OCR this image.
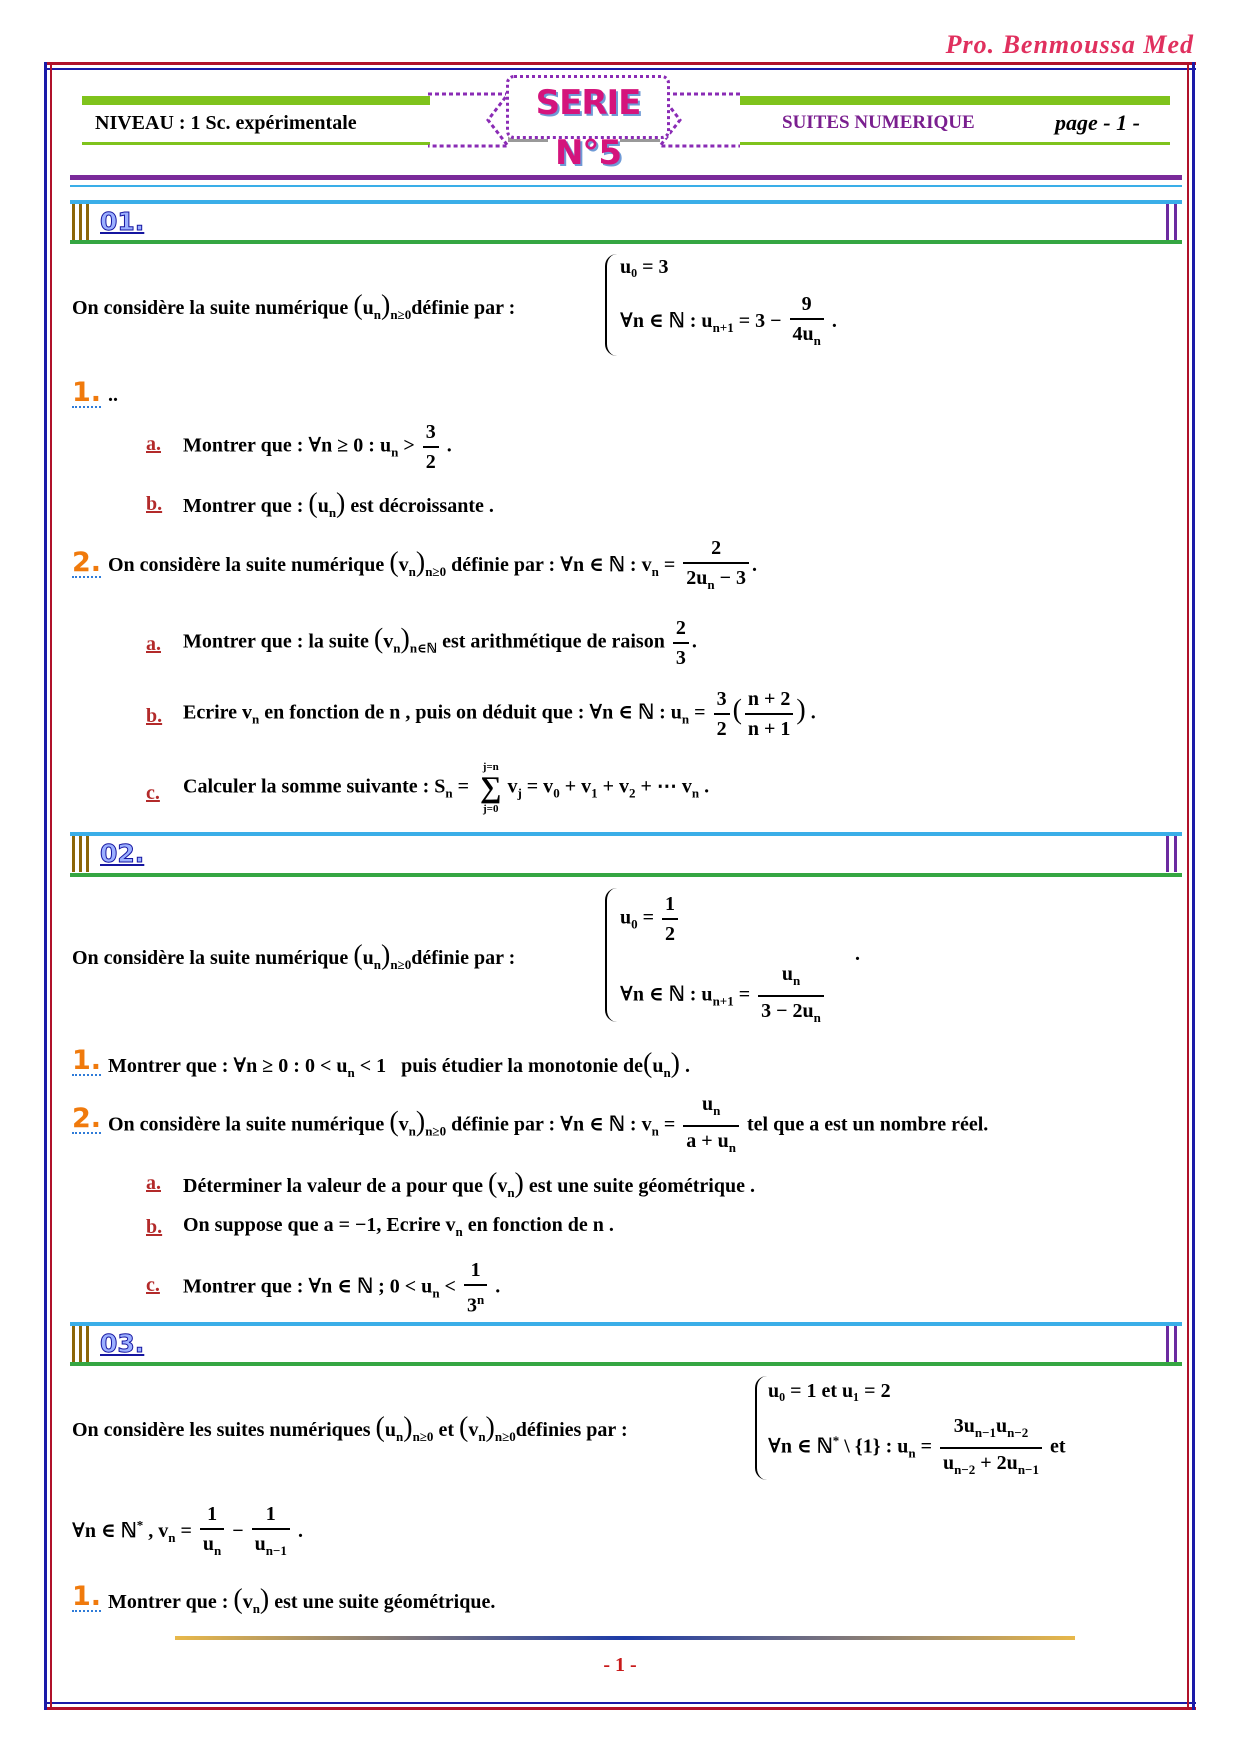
Pro. Benmoussa Med
SERIE N°5
NIVEAU : 1 Sc. expérimentale	SUITES NUMERIQUE	page - 1 -
01.
On considère la suite numérique $(u_n)_{n\ge 0}définie$ par :
u₀ = 3
∀n ∈ ℕ : $u_{n+1} = 3 - \frac{9}{4u_n}$ .
1. ..
a. Montrer que : ∀n ≥ 0 : $u_n > \frac{3}{2}$ .
b. Montrer que : $(u_n)$ est décroissante .
2. On considère la suite numérique $(v_n)_{n\ge 0}$ définie par : ∀n ∈ ℕ : $v_n = \frac{2}{2u_n - 3}$ .
a. Montrer que : la suite $(v_n)_{n\in ℕ}$ est arithmétique de raison $\frac{2}{3}$ .
b. Ecrire $v_n$ en fonction de n , puis on déduit que : ∀n ∈ ℕ : $u_n = \frac{3}{2}$ ( $\frac{n + 2}{n + 1}$ ) .
c. Calculer la somme suivante : $S_n$ =
j=n
∑
j=0
$v_j = v_0 + v_1 + v_2$ + ⋯ $v_n$ .
02.
On considère la suite numérique $(u_n)_{n\ge 0}définie$ par :
$u_0 = \frac{1}{2}$
∀n ∈ ℕ : $u_{n+1} = \frac{u_n}{3 - 2u_n}$
.
1. Montrer que : ∀n ≥ 0 : $0 < u_n < 1$   puis étudier la monotonie $de(u_n)$ .
2. On considère la suite numérique $(v_n)_{n\ge 0}$ définie par : ∀n ∈ ℕ : $v_n = \frac{u_n}{a + u_n}$ tel que a est un nombre réel.
a. Déterminer la valeur de a pour que $(v_n)$ est une suite géométrique .
b. On suppose que a = −1, Ecrire $v_n$ en fonction de n .
c. Montrer que : ∀n ∈ ℕ ; $0 < u_n < \frac{1}{3^n}$ .
03.
On considère les suites numériques $(u_n)_{n\ge 0}$ et $(v_n)_{n\ge 0}définies$ par :
u₀ = 1 et u₁ = 2
∀n ∈ ℕ* \ {1} : $u_n = \frac{3u_{n-1}u_{n-2}}{u_{n-2} + 2u_{n-1}}$ et
∀n ∈ ℕ* , $v_n = \frac{1}{u_n} - \frac{1}{u_{n-1}}$ .
1. Montrer que : $(v_n)$ est une suite géométrique.
- 1 -
